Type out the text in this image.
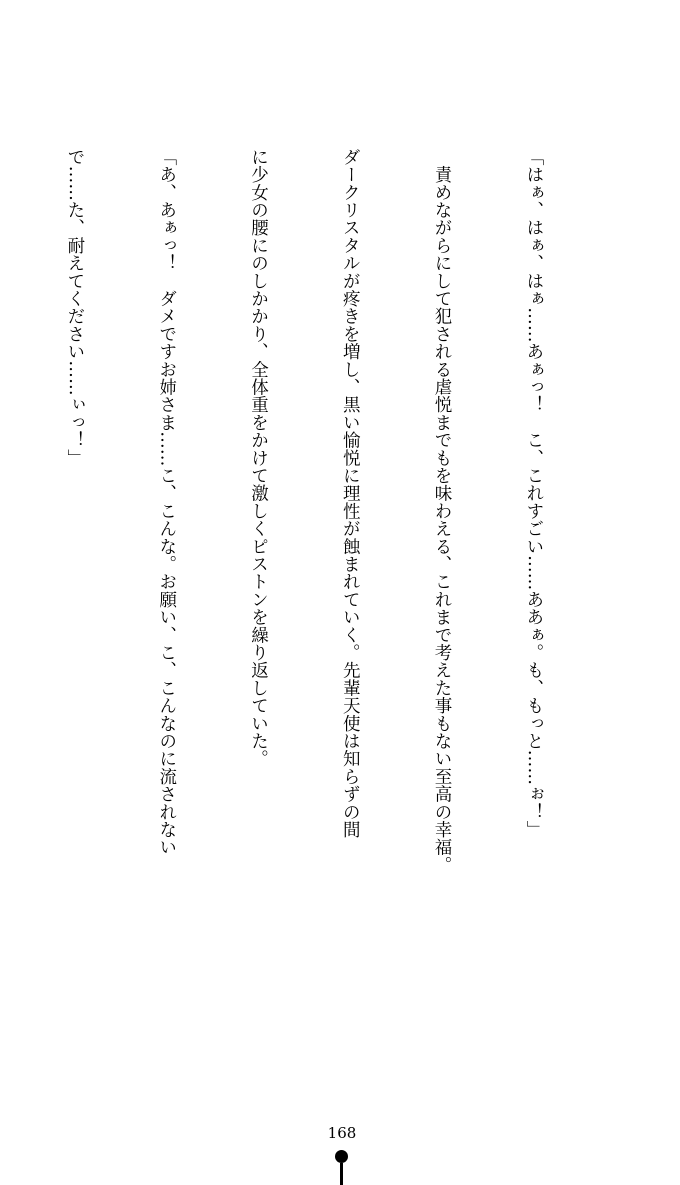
「はぁ、はぁ、はぁ……あぁっ！　こ、これすごい……ああぁ。も、もっと……ぉ！」

　責めながらにして犯される虐悦までもを味わえる、これまで考えた事もない至高の幸福。

ダークリスタルが疼きを増し、黒い愉悦に理性が蝕まれていく。先輩天使は知らずの間

に少女の腰にのしかかり、全体重をかけて激しくピストンを繰り返していた。

「あ、あぁっ！　ダメですお姉さま……こ、こんな。お願い、こ、こんなのに流されない

で……た、耐えてください……ぃっ！」

168
